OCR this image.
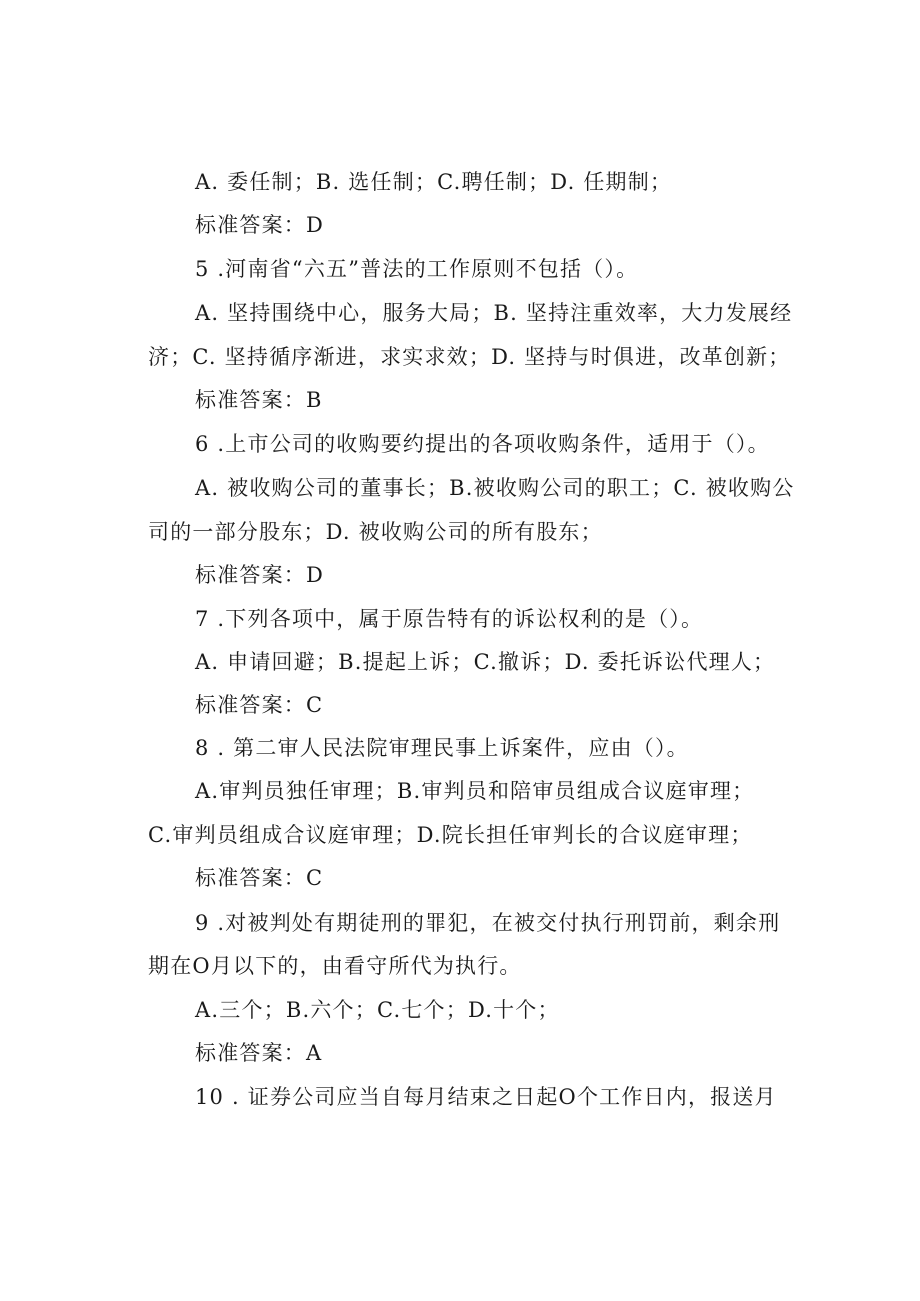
A. 委任制；B. 选任制；C.聘任制；D. 任期制；
标准答案：D
5 .河南省“六五”普法的工作原则不包括（）。
A. 坚持围绕中心，服务大局；B. 坚持注重效率，大力发展经
济；C. 坚持循序渐进，求实求效；D. 坚持与时俱进，改革创新；
标准答案：B
6 .上市公司的收购要约提出的各项收购条件，适用于（）。
A. 被收购公司的董事长；B.被收购公司的职工；C. 被收购公
司的一部分股东；D. 被收购公司的所有股东；
标准答案：D
7 .下列各项中，属于原告特有的诉讼权利的是（）。
A. 申请回避；B.提起上诉；C.撤诉；D. 委托诉讼代理人；
标准答案：C
8 . 第二审人民法院审理民事上诉案件，应由（）。
A.审判员独任审理；B.审判员和陪审员组成合议庭审理；
C.审判员组成合议庭审理；D.院长担任审判长的合议庭审理；
标准答案：C
9 .对被判处有期徒刑的罪犯，在被交付执行刑罚前，剩余刑
期在O月以下的，由看守所代为执行。
A.三个；B.六个；C.七个；D.十个；
标准答案：A
10 . 证券公司应当自每月结束之日起O个工作日内，报送月
